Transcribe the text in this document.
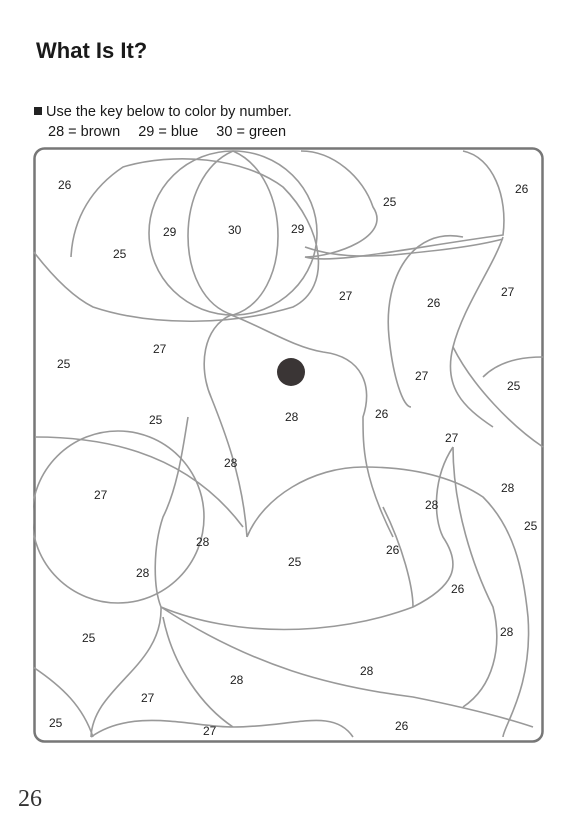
What Is It?
Use the key below to color by number.
28 = brown 29 = blue 30 = green
26
25
26
29	30	29
25
27	26
27
27
25
27
25
28	26
27
25
28
27
28
28
28
25
26
25
28
26
25	28
28
28
27
25
27	26
26
